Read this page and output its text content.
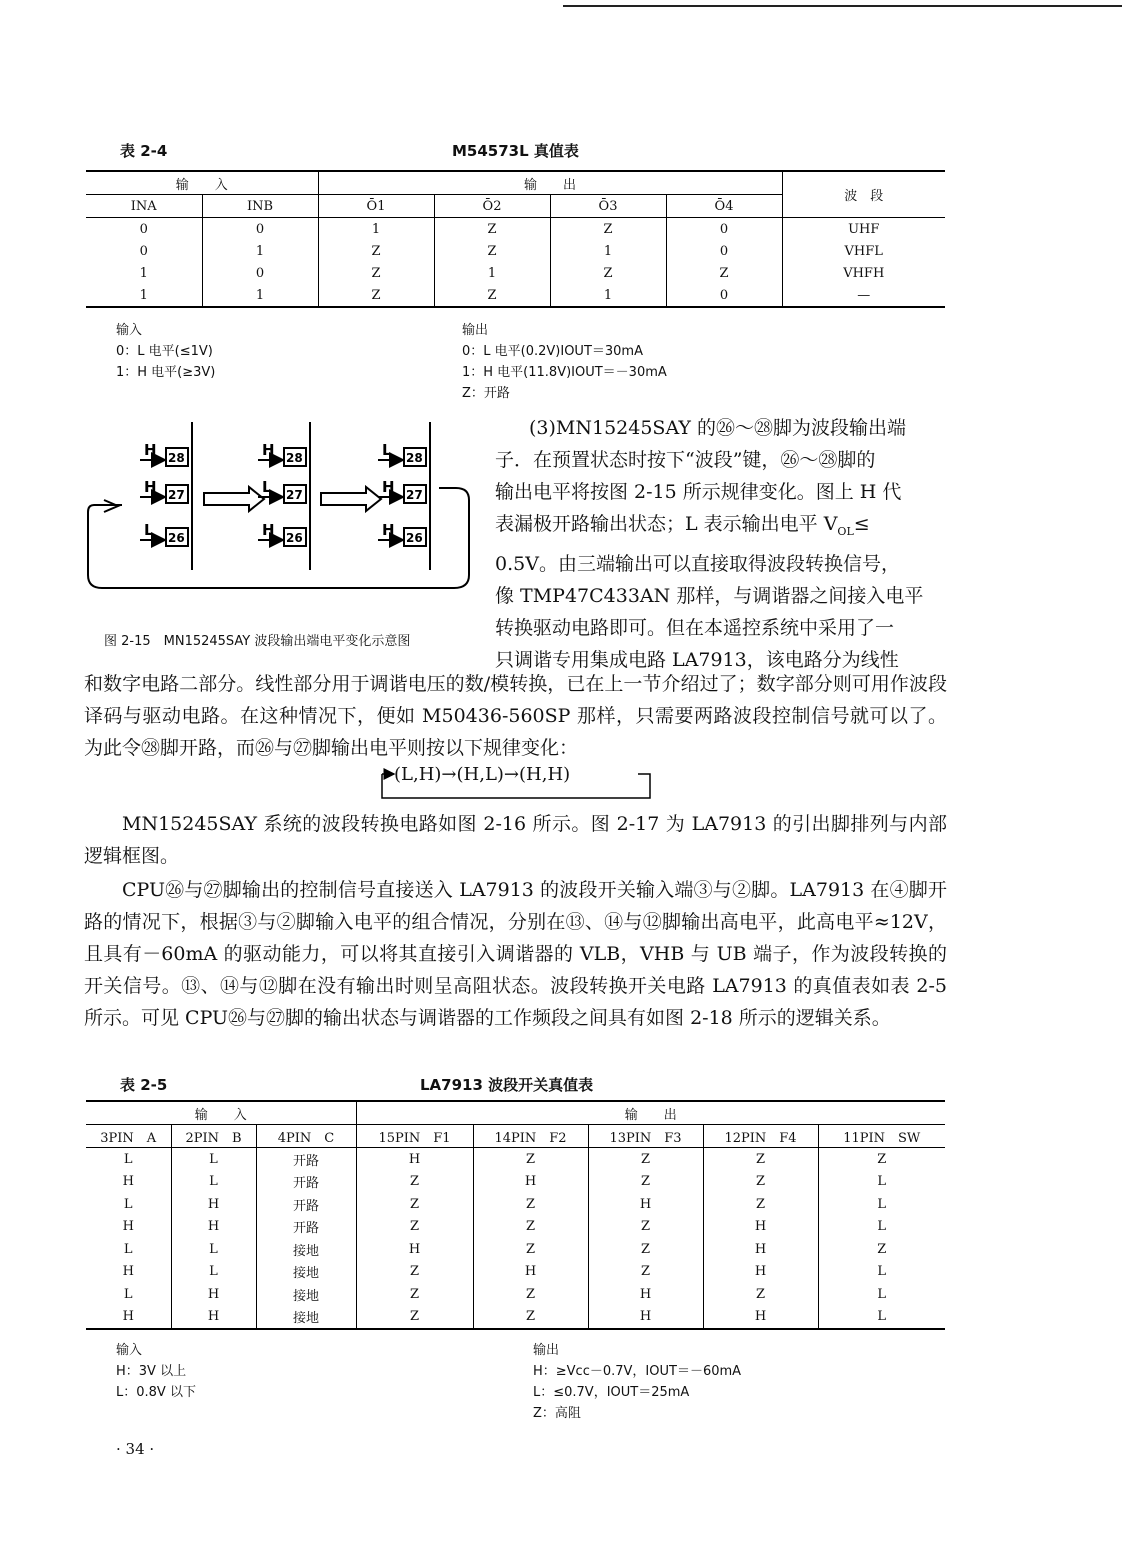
表 2-4	M54573L 真值表
输　　入		输　　出				波　段
INA	INB	Ō1	Ō2	Ō3	Ō4	
0	0	1	Z	Z	0	UHF
0	1	Z	Z	1	0	VHFL
1	0	Z	1	Z	Z	VHFH
1	1	Z	Z	1	0	—
输入
0：L 电平(≤1V)
1：H 电平(≥3V)
输出
0：L 电平(0.2V)IOUT＝30mA
1：H 电平(11.8V)IOUT＝－30mA
Z：开路
28
H
27
H
26
L
28
H
27
L
26
H
28
L
27
H
26
H
图 2-15　MN15245SAY 波段输出端电平变化示意图
(3)MN15245SAY 的㉖～㉘脚为波段输出端
子．在预置状态时按下“波段”键，㉖～㉘脚的
输出电平将按图 2-15 所示规律变化。图上 H 代
表漏极开路输出状态；L 表示输出电平 $V_{OL}\le$
0.5V。由三端输出可以直接取得波段转换信号，
像 TMP47C433AN 那样，与调谐器之间接入电平
转换驱动电路即可。但在本遥控系统中采用了一
只调谐专用集成电路 LA7913，该电路分为线性
和数字电路二部分。线性部分用于调谐电压的数/模转换，已在上一节介绍过了；数字部分则可用作波段译码与驱动电路。在这种情况下，便如 M50436-560SP 那样，只需要两路波段控制信号就可以了。为此令㉘脚开路，而㉖与㉗脚输出电平则按以下规律变化：
(L,H)→(H,L)→(H,H)
MN15245SAY 系统的波段转换电路如图 2-16 所示。图 2-17 为 LA7913 的引出脚排列与内部逻辑框图。
CPU㉖与㉗脚输出的控制信号直接送入 LA7913 的波段开关输入端③与②脚。LA7913 在④脚开路的情况下，根据③与②脚输入电平的组合情况，分别在⑬、⑭与⑫脚输出高电平，此高电平≈12V，且具有－60mA 的驱动能力，可以将其直接引入调谐器的 VLB，VHB 与 UB 端子，作为波段转换的开关信号。⑬、⑭与⑫脚在没有输出时则呈高阻状态。波段转换开关电路 LA7913 的真值表如表 2-5 所示。可见 CPU㉖与㉗脚的输出状态与调谐器的工作频段之间具有如图 2-18 所示的逻辑关系。
表 2-5	LA7913 波段开关真值表
输　　入			输　　出				
3PIN　A	2PIN　B	4PIN　C	15PIN　F1	14PIN　F2	13PIN　F3	12PIN　F4	11PIN　SW
L	L	开路	H	Z	Z	Z	Z
H	L	开路	Z	H	Z	Z	L
L	H	开路	Z	Z	H	Z	L
H	H	开路	Z	Z	Z	H	L
L	L	接地	H	Z	Z	H	Z
H	L	接地	Z	H	Z	H	L
L	H	接地	Z	Z	H	Z	L
H	H	接地	Z	Z	H	H	L
输入
H：3V 以上
L：0.8V 以下
输出
H：≥Vcc－0.7V，IOUT＝－60mA
L：≤0.7V，IOUT＝25mA
Z：高阻
· 34 ·
